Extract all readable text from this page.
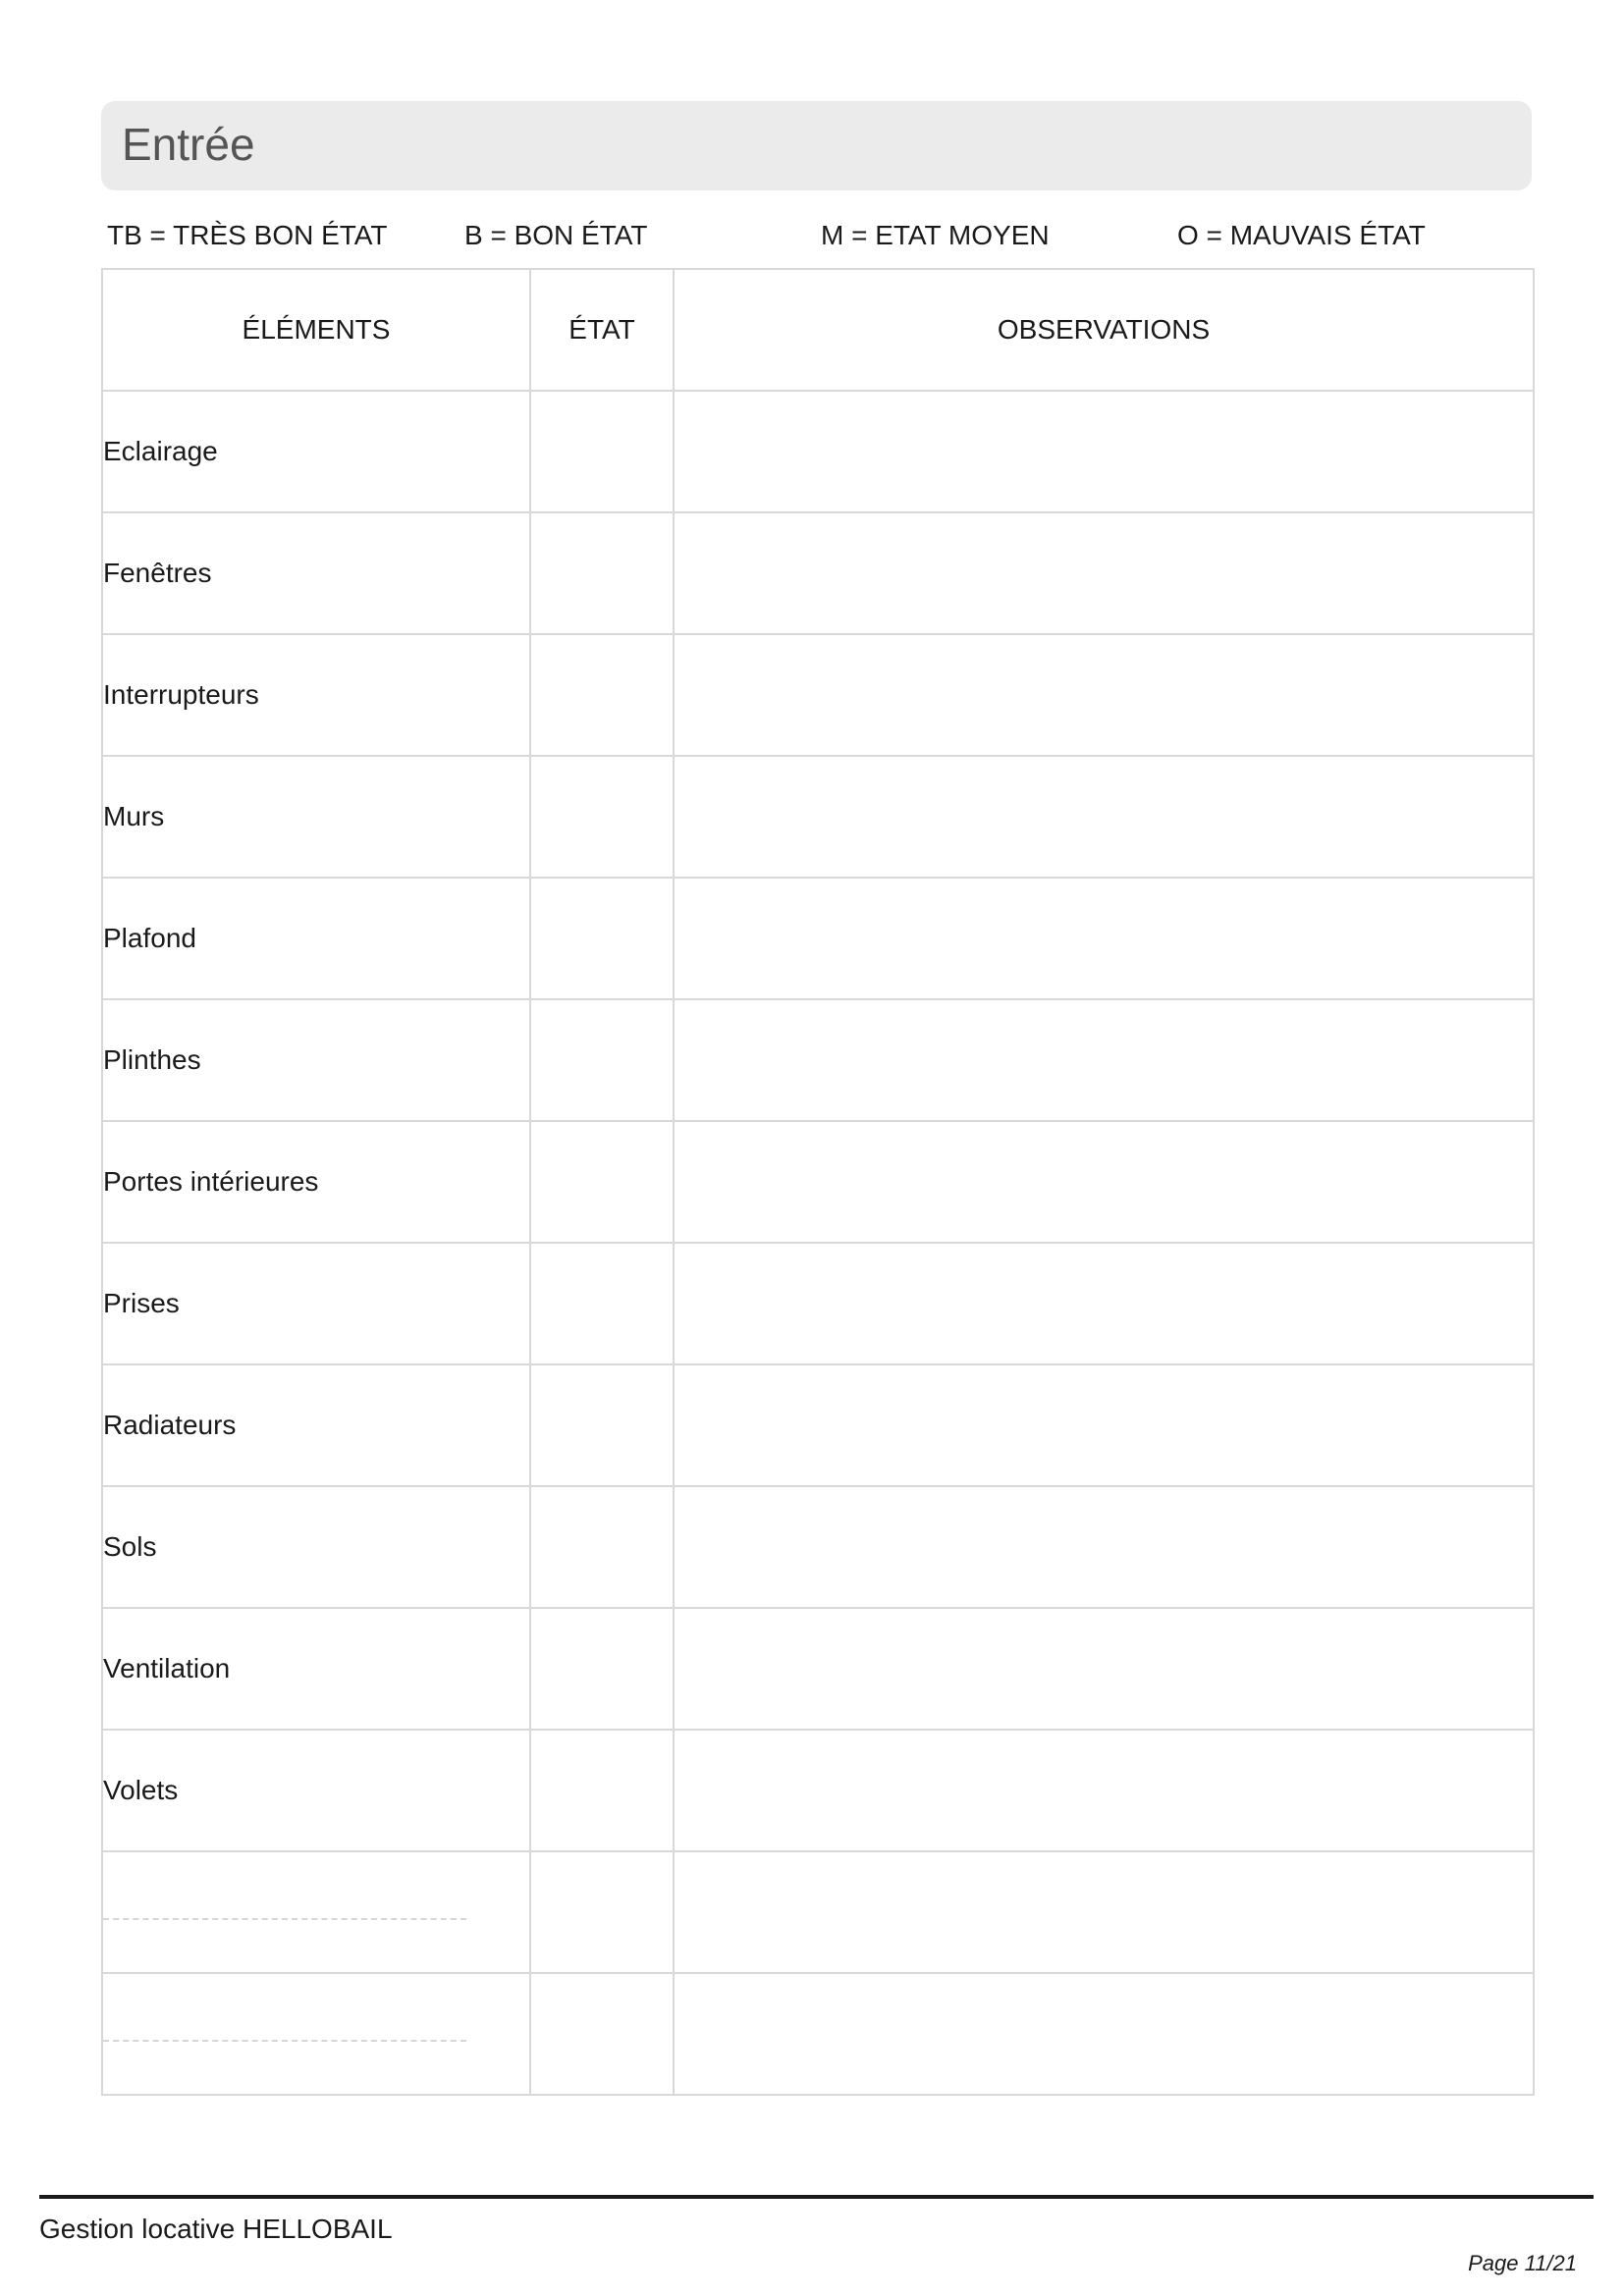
Entrée
TB = TRÈS BON ÉTAT	B = BON ÉTAT	M = ETAT MOYEN	O = MAUVAIS ÉTAT
ÉLÉMENTS	ÉTAT	OBSERVATIONS
Eclairage		
Fenêtres		
Interrupteurs		
Murs		
Plafond		
Plinthes		
Portes intérieures		
Prises		
Radiateurs		
Sols		
Ventilation		
Volets		

Gestion locative HELLOBAIL
Page 11/21
